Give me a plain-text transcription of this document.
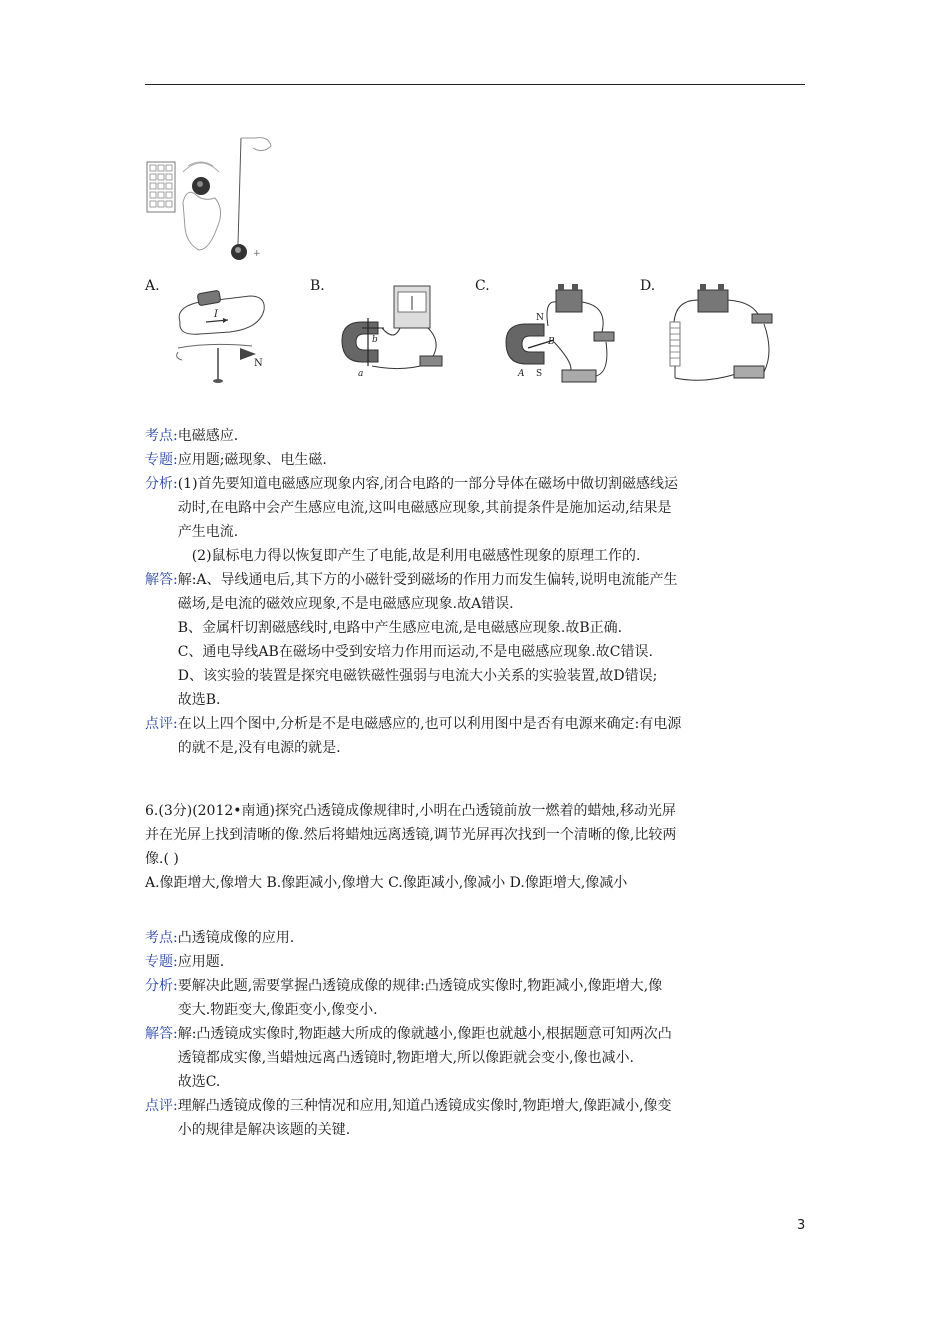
+
A.	B.	C.	D.
I
N
a
b
N
S
A
B
考点: 电磁感应.
专题: 应用题;磁现象、电生磁.
分析: (1)首先要知道电磁感应现象内容,闭合电路的一部分导体在磁场中做切割磁感线运
动时,在电路中会产生感应电流,这叫电磁感应现象,其前提条件是施加运动,结果是
产生电流.
(2)鼠标电力得以恢复即产生了电能,故是利用电磁感性现象的原理工作的.
解答: 解:A、导线通电后,其下方的小磁针受到磁场的作用力而发生偏转,说明电流能产生
磁场,是电流的磁效应现象,不是电磁感应现象.故A错误.
B、金属杆切割磁感线时,电路中产生感应电流,是电磁感应现象.故B正确.
C、通电导线AB在磁场中受到安培力作用而运动,不是电磁感应现象.故C错误.
D、该实验的装置是探究电磁铁磁性强弱与电流大小关系的实验装置,故D错误;
故选B.
点评: 在以上四个图中,分析是不是电磁感应的,也可以利用图中是否有电源来确定:有电源
的就不是,没有电源的就是.
6.(3分)(2012•南通)探究凸透镜成像规律时,小明在凸透镜前放一燃着的蜡烛,移动光屏
并在光屏上找到清晰的像.然后将蜡烛远离透镜,调节光屏再次找到一个清晰的像,比较两
像.( )
A.像距增大,像增大 B.像距减小,像增大 C.像距减小,像减小 D.像距增大,像减小
考点: 凸透镜成像的应用.
专题: 应用题.
分析: 要解决此题,需要掌握凸透镜成像的规律:凸透镜成实像时,物距减小,像距增大,像
变大.物距变大,像距变小,像变小.
解答: 解:凸透镜成实像时,物距越大所成的像就越小,像距也就越小,根据题意可知两次凸
透镜都成实像,当蜡烛远离凸透镜时,物距增大,所以像距就会变小,像也减小.
故选C.
点评: 理解凸透镜成像的三种情况和应用,知道凸透镜成实像时,物距增大,像距减小,像变
小的规律是解决该题的关键.
3
